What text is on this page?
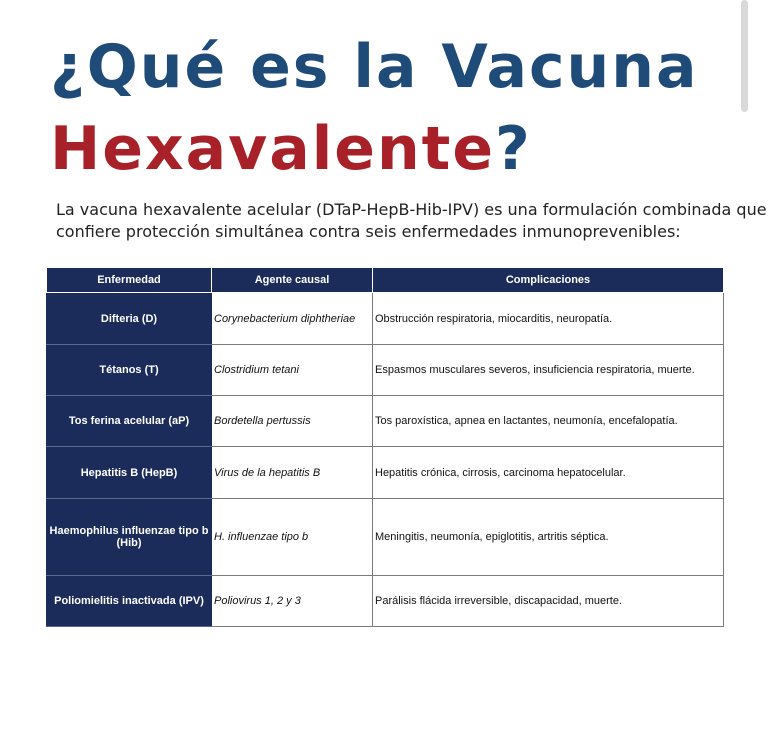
¿Qué es la Vacuna
Hexavalente?

La vacuna hexavalente acelular (DTaP-HepB-Hib-IPV) es una formulación combinada que confiere protección simultánea contra seis enfermedades inmunoprevenibles:

Enfermedad	Agente causal	Complicaciones
Difteria (D)	Corynebacterium diphtheriae	Obstrucción respiratoria, miocarditis, neuropatía.
Tétanos (T)	Clostridium tetani	Espasmos musculares severos, insuficiencia respiratoria, muerte.
Tos ferina acelular (aP)	Bordetella pertussis	Tos paroxística, apnea en lactantes, neumonía, encefalopatía.
Hepatitis B (HepB)	Virus de la hepatitis B	Hepatitis crónica, cirrosis, carcinoma hepatocelular.
Haemophilus influenzae tipo b (Hib)	H. influenzae tipo b	Meningitis, neumonía, epiglotitis, artritis séptica.
Poliomielitis inactivada (IPV)	Poliovirus 1, 2 y 3	Parálisis flácida irreversible, discapacidad, muerte.
